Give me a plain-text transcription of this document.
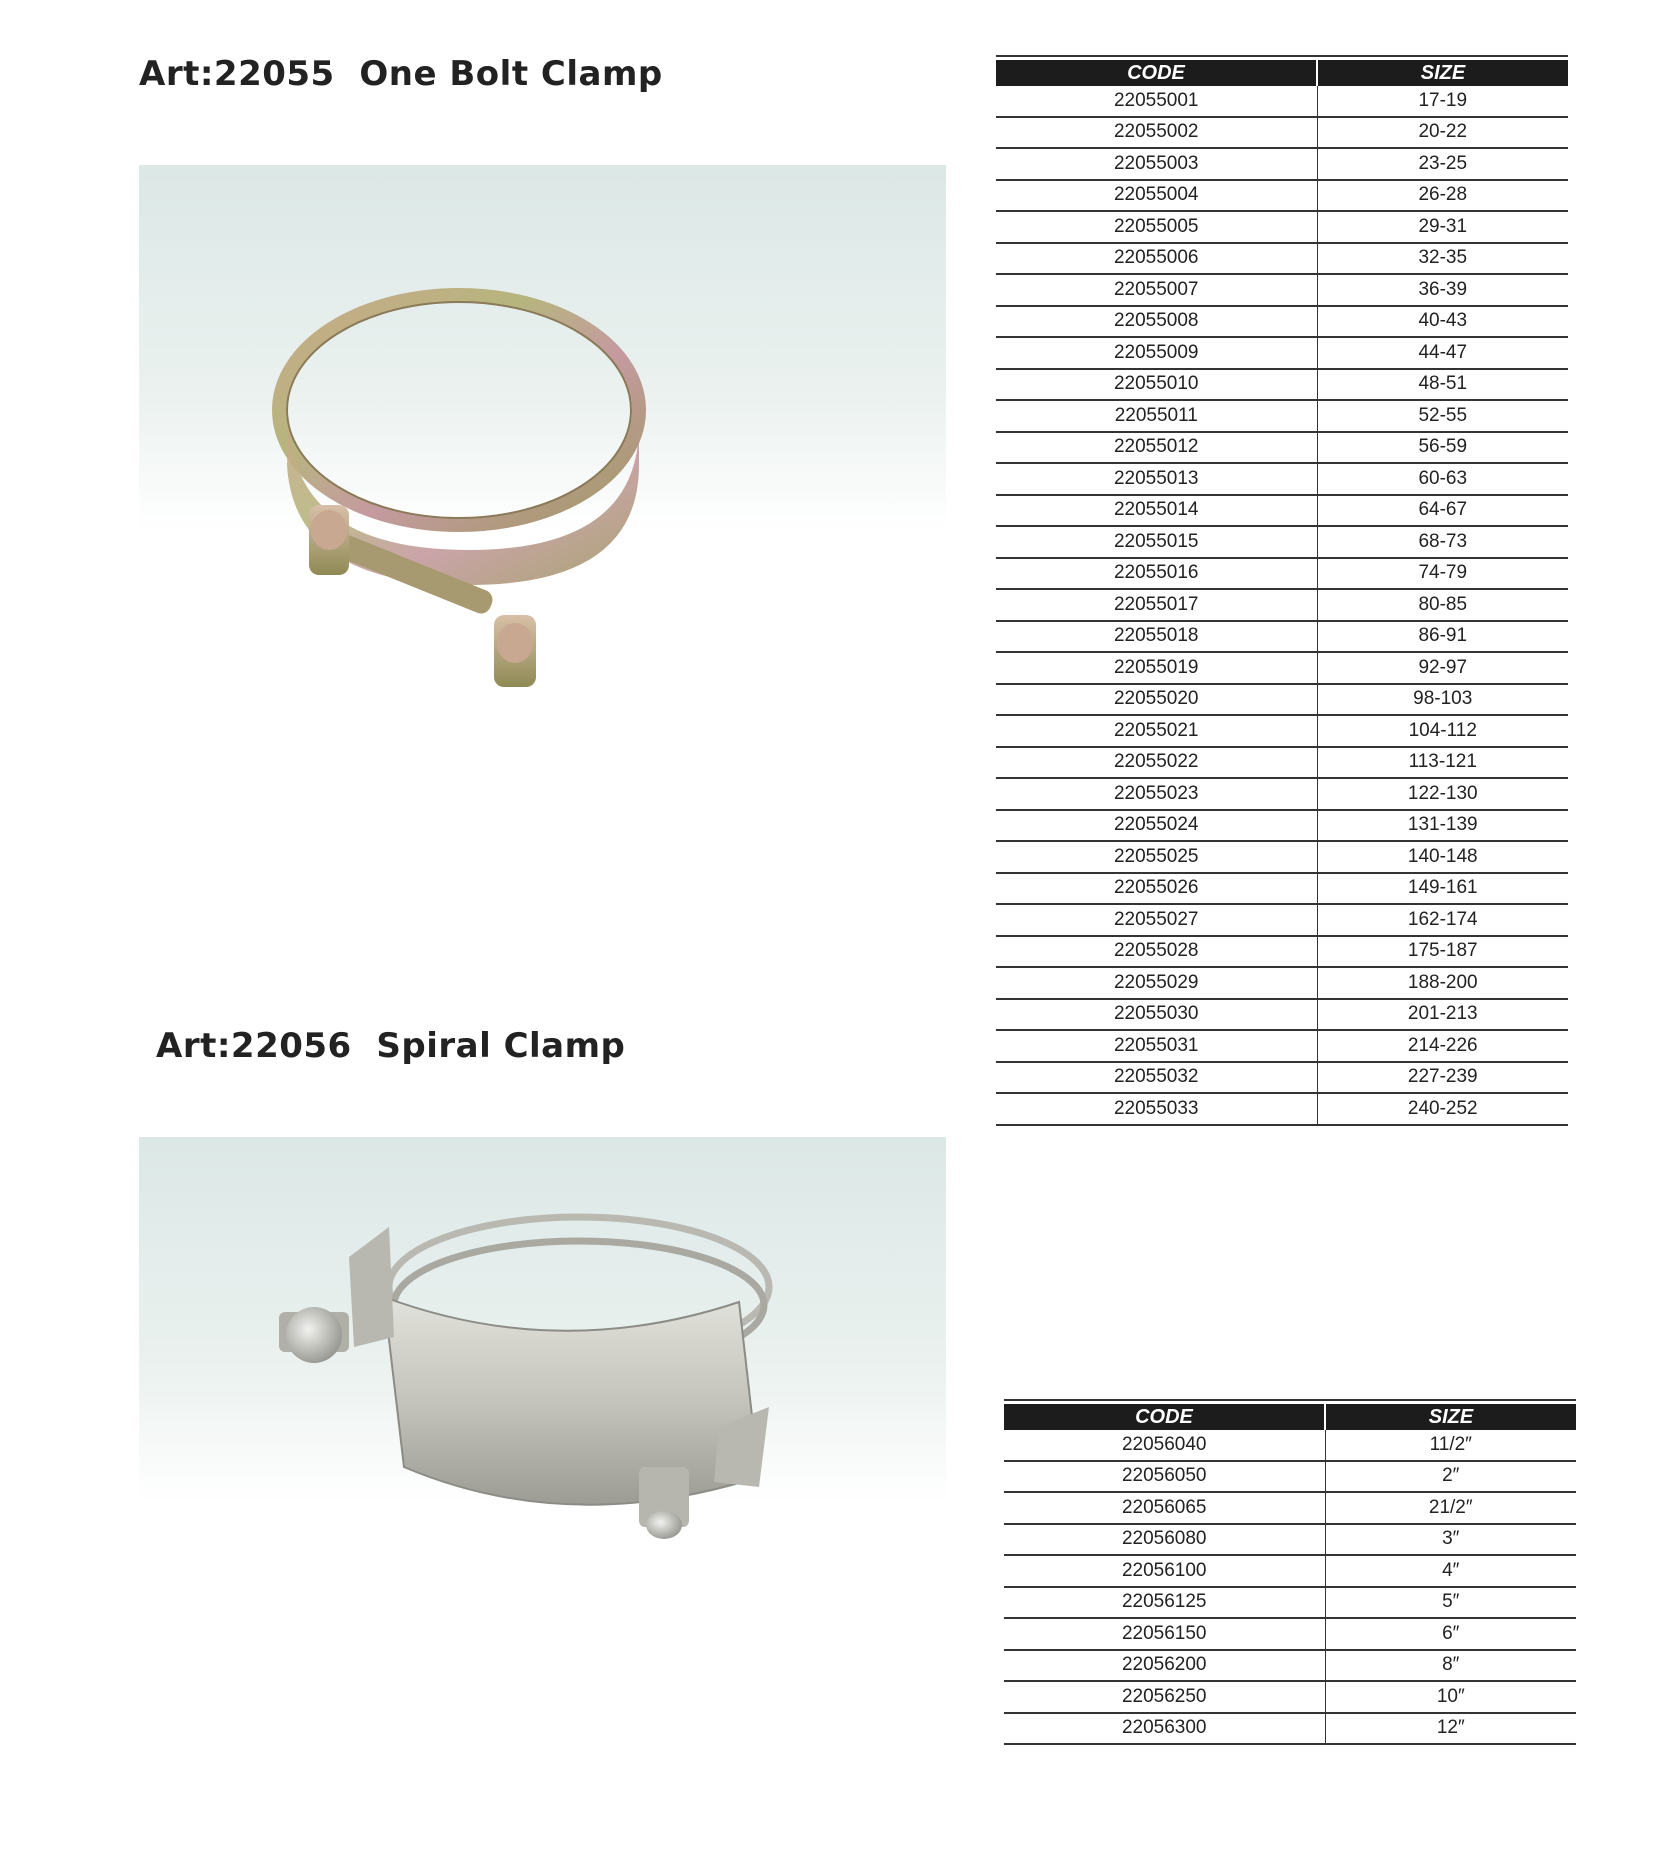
Art:22055  One Bolt Clamp	CODE	SIZE
22055001	17-19
22055002	20-22
22055003	23-25
22055004	26-28
22055005	29-31
22055006	32-35
22055007	36-39
22055008	40-43
22055009	44-47
22055010	48-51
22055011	52-55
22055012	56-59
22055013	60-63
22055014	64-67
22055015	68-73
22055016	74-79
22055017	80-85
22055018	86-91
22055019	92-97
22055020	98-103
22055021	104-112
22055022	113-121
22055023	122-130
22055024	131-139
22055025	140-148
22055026	149-161
22055027	162-174
22055028	175-187
22055029	188-200
22055030	201-213
22055031	214-226
22055032	227-239
22055033	240-252
Art:22056  Spiral Clamp

CODE	SIZE
22056040	11/2″
22056050	2″
22056065	21/2″
22056080	3″
22056100	4″
22056125	5″
22056150	6″
22056200	8″
22056250	10″
22056300	12″
